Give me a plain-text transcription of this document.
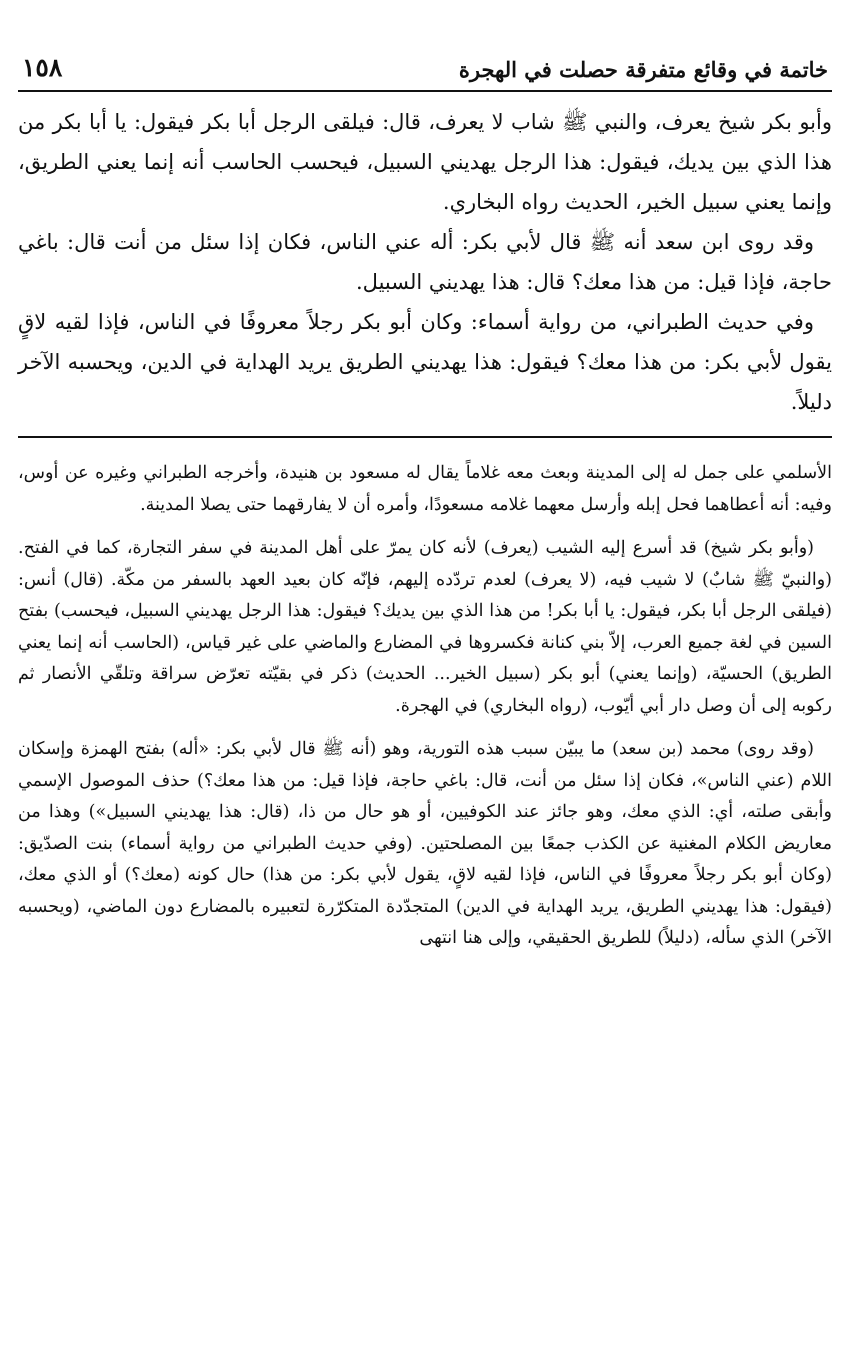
خاتمة في وقائع متفرقة حصلت في الهجرة
١٥٨

وأبو بكر شيخ يعرف، والنبي ﷺ شاب لا يعرف، قال: فيلقى الرجل أبا بكر فيقول: يا أبا بكر من هذا الذي بين يديك، فيقول: هذا الرجل يهديني السبيل، فيحسب الحاسب أنه إنما يعني الطريق، وإنما يعني سبيل الخير، الحديث رواه البخاري.

وقد روى ابن سعد أنه ﷺ قال لأبي بكر: أله عني الناس، فكان إذا سئل من أنت قال: باغي حاجة، فإذا قيل: من هذا معك؟ قال: هذا يهديني السبيل.

وفي حديث الطبراني، من رواية أسماء: وكان أبو بكر رجلاً معروفًا في الناس، فإذا لقيه لاقٍ يقول لأبي بكر: من هذا معك؟ فيقول: هذا يهديني الطريق يريد الهداية في الدين، ويحسبه الآخر دليلاً.

الأسلمي على جمل له إلى المدينة وبعث معه غلاماً يقال له مسعود بن هنيدة، وأخرجه الطبراني وغيره عن أوس، وفيه: أنه أعطاهما فحل إبله وأرسل معهما غلامه مسعودًا، وأمره أن لا يفارقهما حتى يصلا المدينة.

(وأبو بكر شيخ) قد أسرع إليه الشيب (يعرف) لأنه كان يمرّ على أهل المدينة في سفر التجارة، كما في الفتح. (والنبيّ ﷺ شابٌ) لا شيب فيه، (لا يعرف) لعدم تردّده إليهم، فإنّه كان بعيد العهد بالسفر من مكّة. (قال) أنس: (فيلقى الرجل أبا بكر، فيقول: يا أبا بكر! من هذا الذي بين يديك؟ فيقول: هذا الرجل يهديني السبيل، فيحسب) بفتح السين في لغة جميع العرب، إلاّ بني كنانة فكسروها في المضارع والماضي على غير قياس، (الحاسب أنه إنما يعني الطريق) الحسيّة، (وإنما يعني) أبو بكر (سبيل الخير... الحديث) ذكر في بقيّته تعرّض سراقة وتلقّي الأنصار ثم ركوبه إلى أن وصل دار أبي أيّوب، (رواه البخاري) في الهجرة.

(وقد روى) محمد (بن سعد) ما يبيّن سبب هذه التورية، وهو (أنه ﷺ قال لأبي بكر: «أله) بفتح الهمزة وإسكان اللام (عني الناس»، فكان إذا سئل من أنت، قال: باغي حاجة، فإذا قيل: من هذا معك؟) حذف الموصول الإسمي وأبقى صلته، أي: الذي معك، وهو جائز عند الكوفيين، أو هو حال من ذا، (قال: هذا يهديني السبيل») وهذا من معاريض الكلام المغنية عن الكذب جمعًا بين المصلحتين. (وفي حديث الطبراني من رواية أسماء) بنت الصدّيق: (وكان أبو بكر رجلاً معروفًا في الناس، فإذا لقيه لاقٍ، يقول لأبي بكر: من هذا) حال كونه (معك؟) أو الذي معك، (فيقول: هذا يهديني الطريق، يريد الهداية في الدين) المتجدّدة المتكرّرة لتعبيره بالمضارع دون الماضي، (ويحسبه الآخر) الذي سأله، (دليلاً) للطريق الحقيقي، وإلى هنا انتهى
